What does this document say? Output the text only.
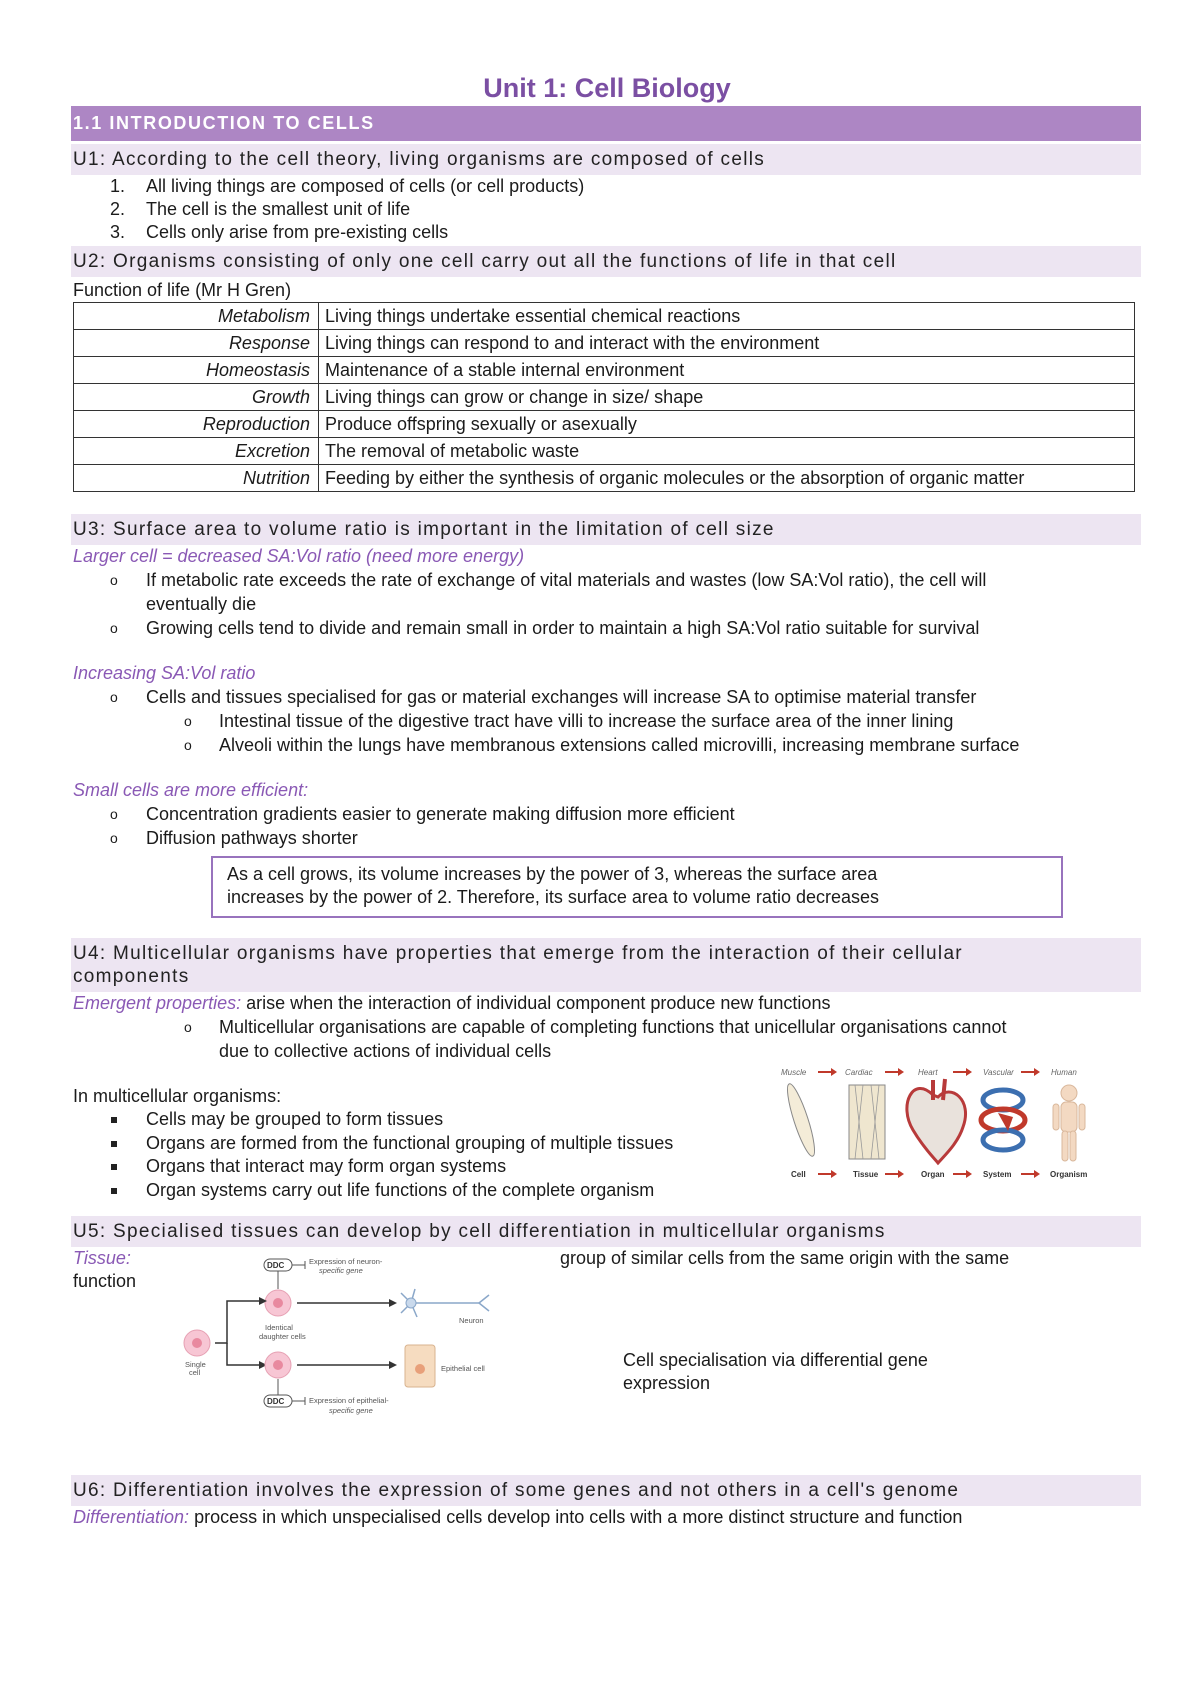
Unit 1: Cell Biology
1.1 INTRODUCTION TO CELLS
U1: According to the cell theory, living organisms are composed of cells
1. All living things are composed of cells (or cell products)
2. The cell is the smallest unit of life
3. Cells only arise from pre-existing cells
U2: Organisms consisting of only one cell carry out all the functions of life in that cell
Function of life (Mr H Gren)
Metabolism	Living things undertake essential chemical reactions
Response	Living things can respond to and interact with the environment
Homeostasis	Maintenance of a stable internal environment
Growth	Living things can grow or change in size/ shape
Reproduction	Produce offspring sexually or asexually
Excretion	The removal of metabolic waste
Nutrition	Feeding by either the synthesis of organic molecules or the absorption of organic matter
U3: Surface area to volume ratio is important in the limitation of cell size
Larger cell = decreased SA:Vol ratio (need more energy)
o If metabolic rate exceeds the rate of exchange of vital materials and wastes (low SA:Vol ratio), the cell will
eventually die
o Growing cells tend to divide and remain small in order to maintain a high SA:Vol ratio suitable for survival
Increasing SA:Vol ratio
o Cells and tissues specialised for gas or material exchanges will increase SA to optimise material transfer
o Intestinal tissue of the digestive tract have villi to increase the surface area of the inner lining
o Alveoli within the lungs have membranous extensions called microvilli, increasing membrane surface
Small cells are more efficient:
o Concentration gradients easier to generate making diffusion more efficient
o Diffusion pathways shorter
As a cell grows, its volume increases by the power of 3, whereas the surface area
increases by the power of 2. Therefore, its surface area to volume ratio decreases
U4: Multicellular organisms have properties that emerge from the interaction of their cellular
components
Emergent properties: arise when the interaction of individual component produce new functions
o Multicellular organisations are capable of completing functions that unicellular organisations cannot
due to collective actions of individual cells
In multicellular organisms:
Cells may be grouped to form tissues
Organs are formed from the functional grouping of multiple tissues
Organs that interact may form organ systems
Organ systems carry out life functions of the complete organism
Muscle	Cardiac	Heart	Vascular	Human
Cell	Tissue	Organ	System	Organism
U5: Specialised tissues can develop by cell differentiation in multicellular organisms
Tissue:
function
group of similar cells from the same origin with the same
DDC	Expression of neuron-
specific gene
Identical
daughter cells
Single
cell
Neuron
Epithelial cell
DDC	Expression of epithelial-
specific gene
Cell specialisation via differential gene
expression
U6: Differentiation involves the expression of some genes and not others in a cell's genome
Differentiation: process in which unspecialised cells develop into cells with a more distinct structure and function
